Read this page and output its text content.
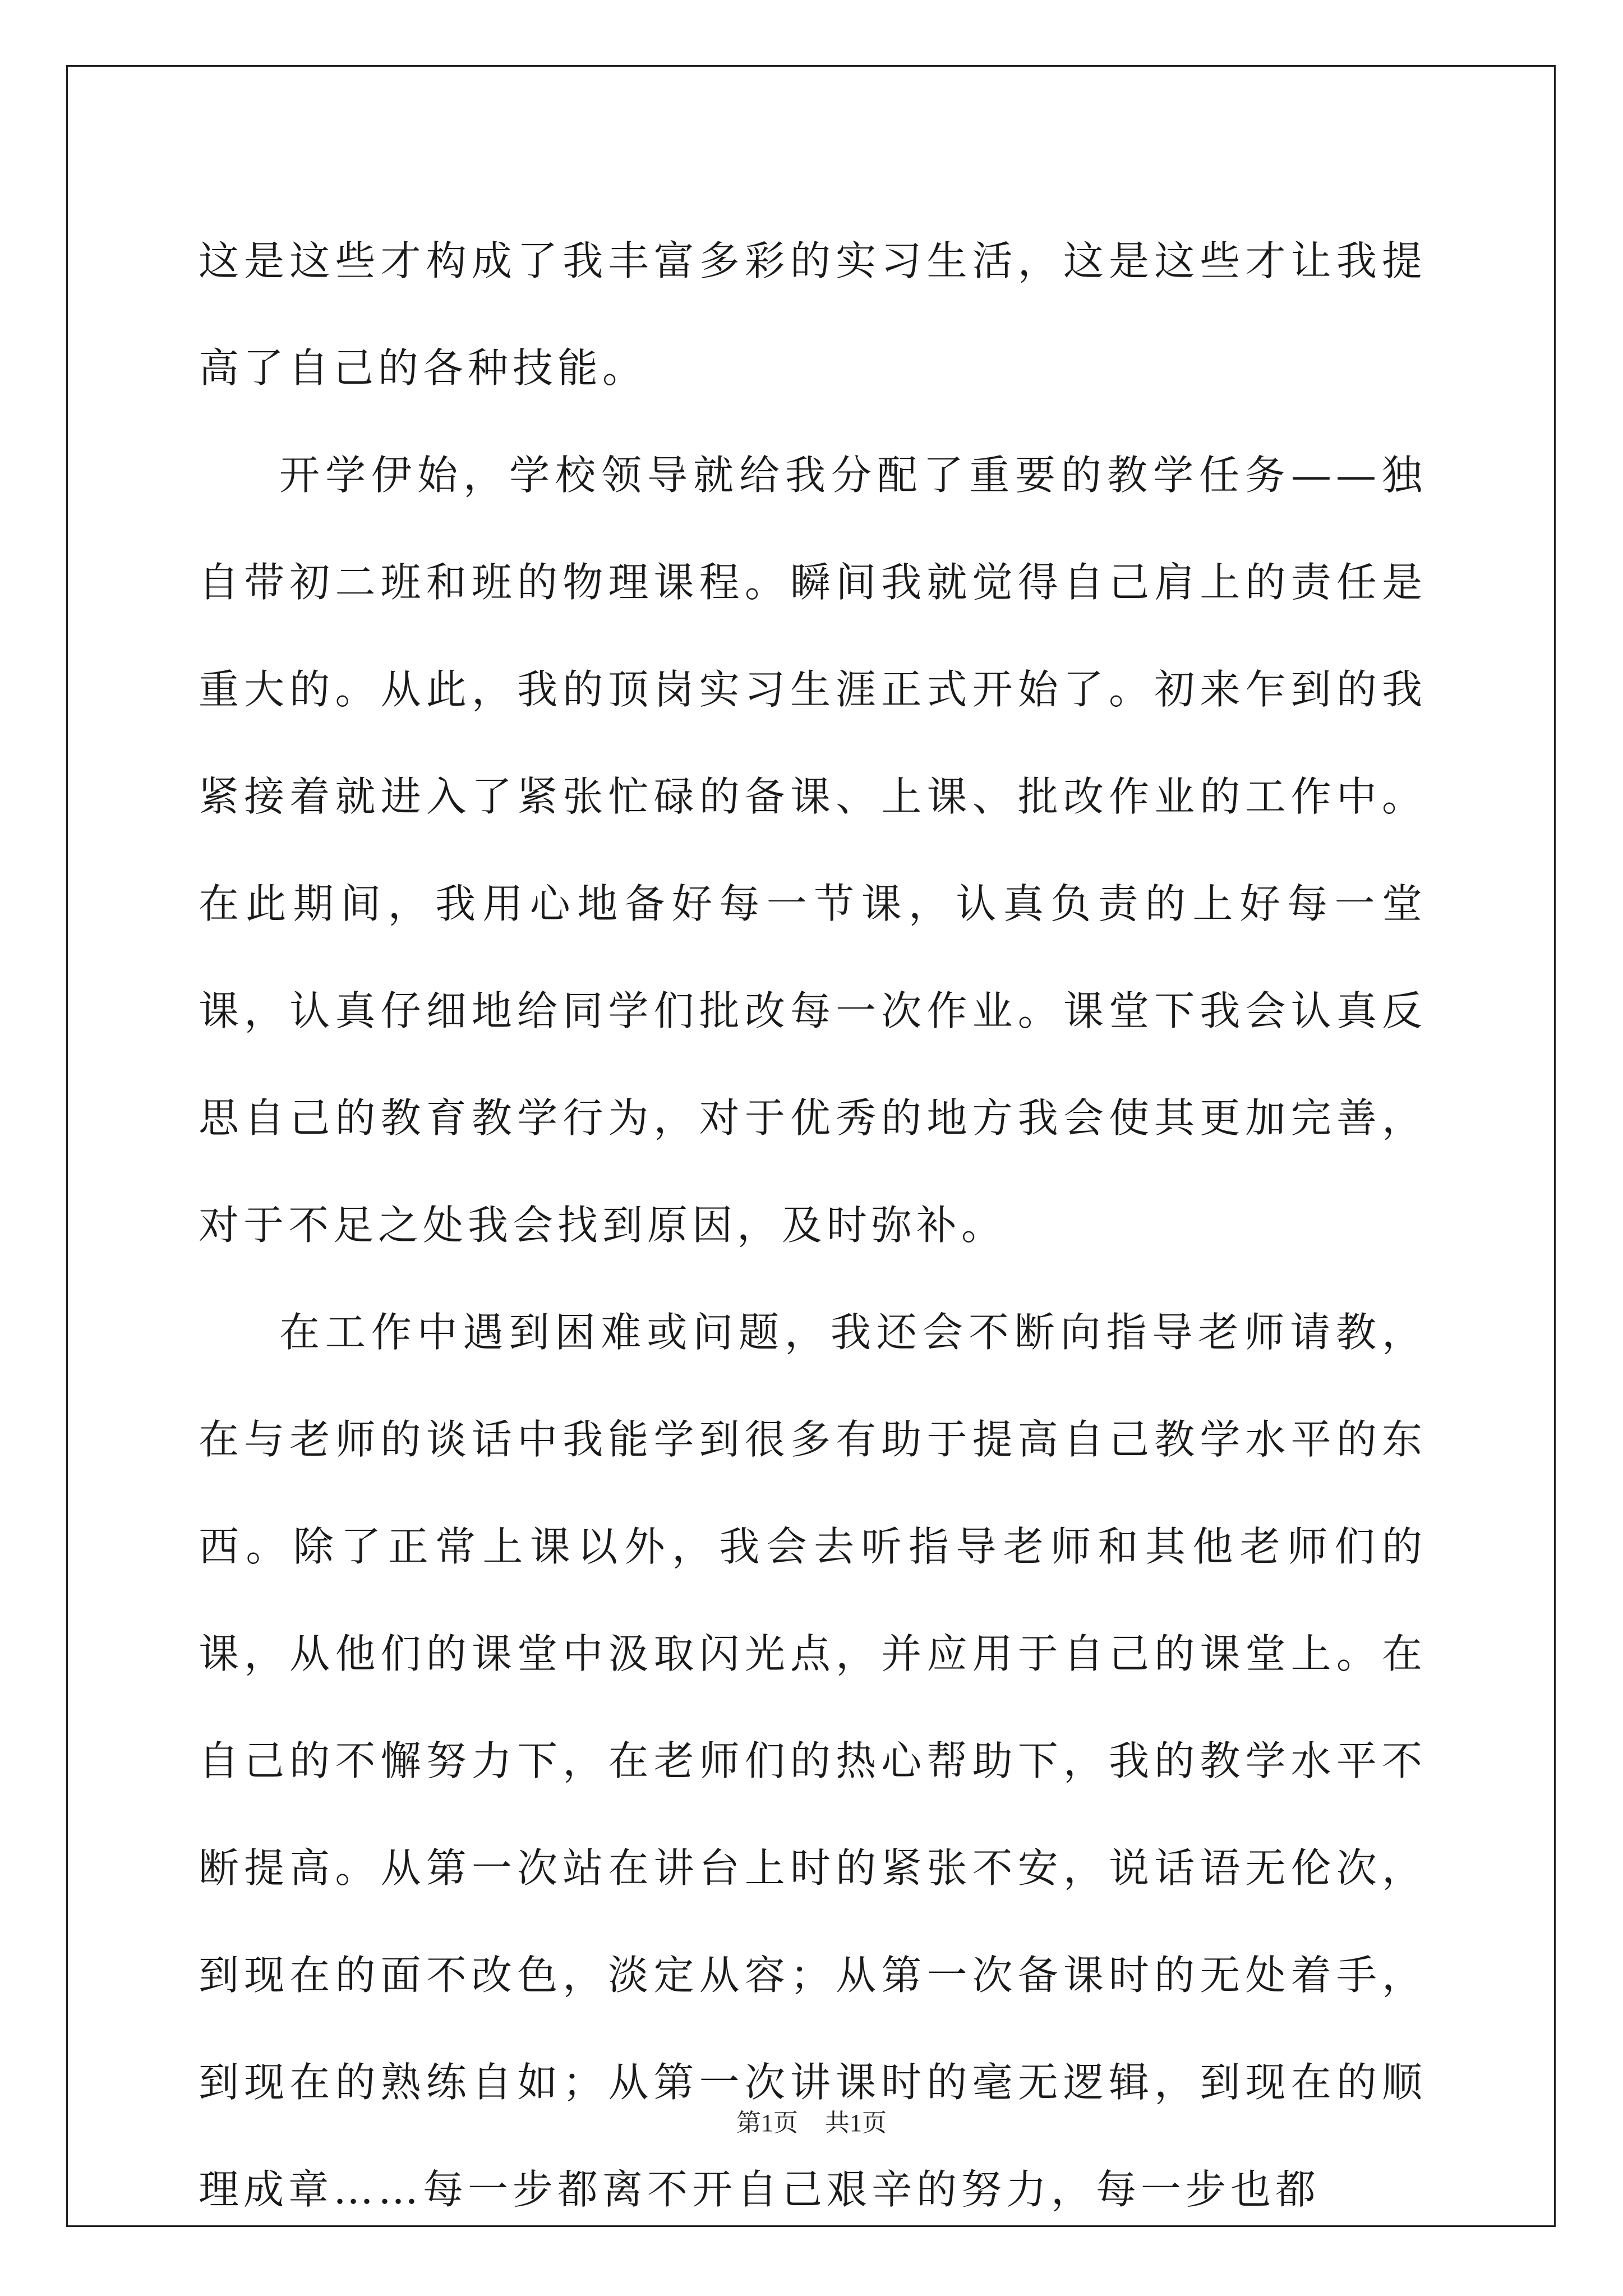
这是这些才构成了我丰富多彩的实习生活，这是这些才让我提高了自己的各种技能。

开学伊始，学校领导就给我分配了重要的教学任务——独自带初二班和班的物理课程。瞬间我就觉得自己肩上的责任是重大的。从此，我的顶岗实习生涯正式开始了。初来乍到的我紧接着就进入了紧张忙碌的备课、上课、批改作业的工作中。在此期间，我用心地备好每一节课，认真负责的上好每一堂课，认真仔细地给同学们批改每一次作业。课堂下我会认真反思自己的教育教学行为，对于优秀的地方我会使其更加完善，对于不足之处我会找到原因，及时弥补。

在工作中遇到困难或问题，我还会不断向指导老师请教，在与老师的谈话中我能学到很多有助于提高自己教学水平的东西。除了正常上课以外，我会去听指导老师和其他老师们的课，从他们的课堂中汲取闪光点，并应用于自己的课堂上。在自己的不懈努力下，在老师们的热心帮助下，我的教学水平不断提高。从第一次站在讲台上时的紧张不安，说话语无伦次，到现在的面不改色，淡定从容；从第一次备课时的无处着手，到现在的熟练自如；从第一次讲课时的毫无逻辑，到现在的顺理成章……每一步都离不开自己艰辛的努力，每一步也都

第1页 共1页
